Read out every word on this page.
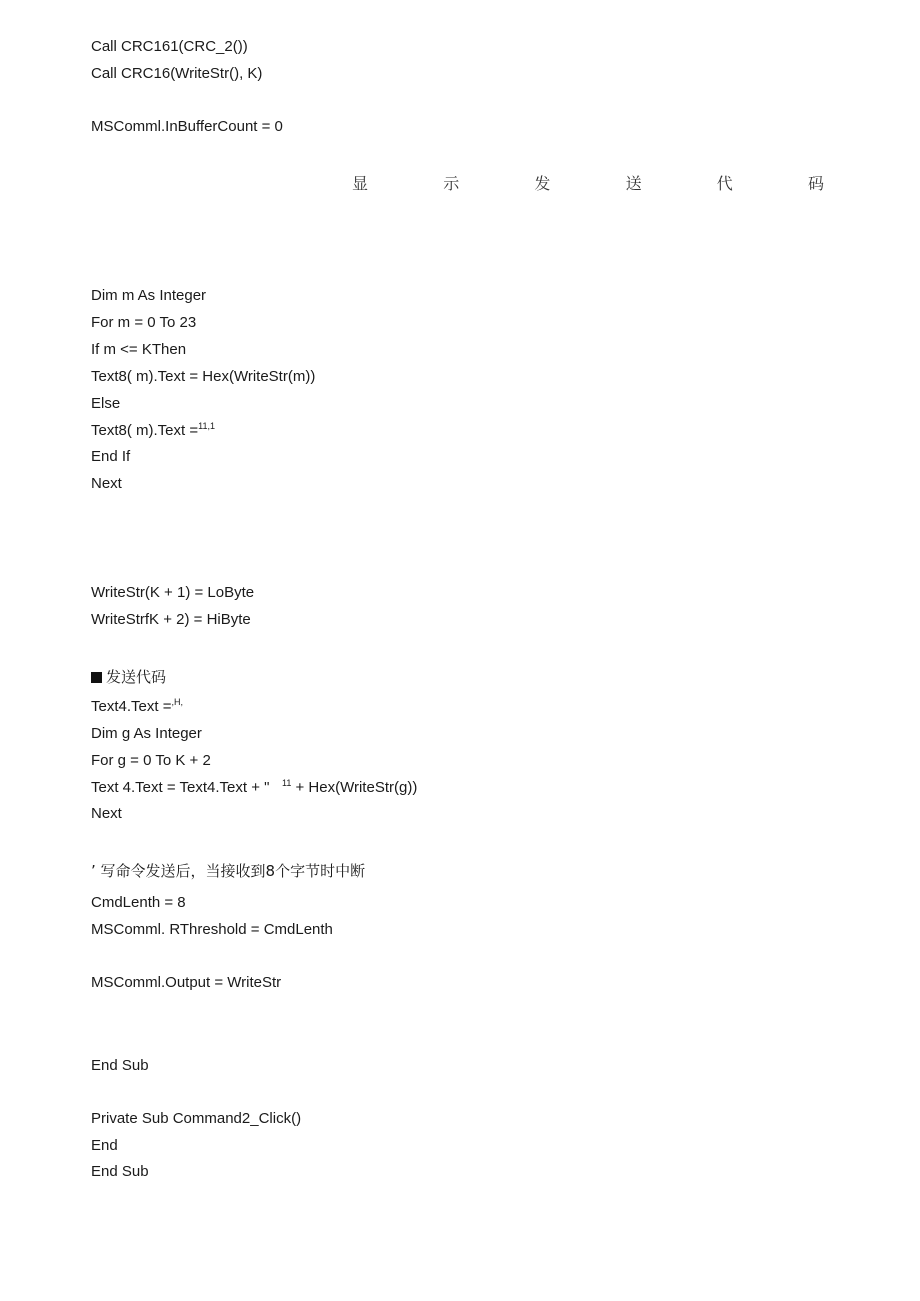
Call CRC161(CRC_2())
Call CRC16(WriteStr(), K)
MSComml.InBufferCount = 0
显	示	发	送	代	码
Dim m As Integer
For m = 0 To 23
If m <= KThen
Text8( m).Text = Hex(WriteStr(m))
Else
Text8( m).Text =$^{11,1}$
End If
Next
WriteStr(K + 1) = LoByte
WriteStrfK + 2) = HiByte
发送代码
Text4.Text =$^{,H,}$
Dim g As Integer
For g = 0 To K + 2
Text 4.Text = Text4.Text + "   $^{11}$ + Hex(WriteStr(g))
Next
’ 写命令发送后，当接收到8个字节时中断
CmdLenth = 8
MSComml. RThreshold = CmdLenth
MSComml.Output = WriteStr
End Sub
Private Sub Command2_Click()
End
End Sub
